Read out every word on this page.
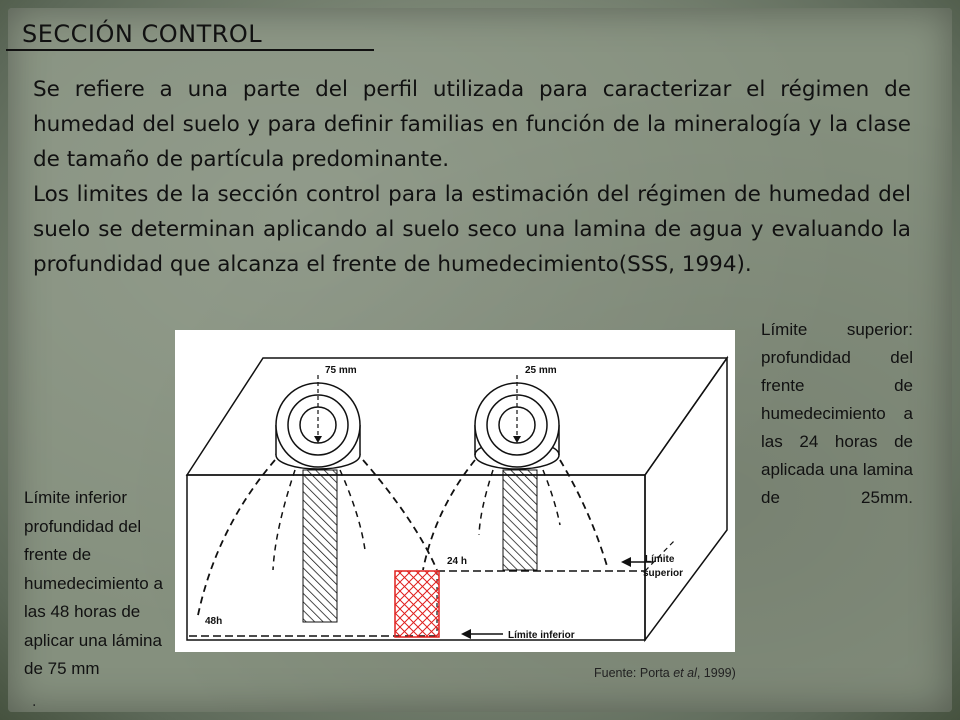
SECCIÓN CONTROL

Se refiere a una parte del perfil utilizada para caracterizar el régimen de humedad del suelo y para definir familias en función de la mineralogía y la clase de tamaño de partícula predominante.

Los limites de la sección control para la estimación del régimen de humedad del suelo se determinan aplicando al suelo seco una lamina de agua y evaluando la profundidad que alcanza el frente de humedecimiento(SSS, 1994).

75 mm	25 mm
24 h
48h
Límite
superior
Límite inferior
Límite superior: profundidad del frente de humedecimiento a las 24 horas de aplicada una lamina de 25mm.
Límite inferior profundidad del frente de humedecimiento a las 48 horas de aplicar una lámina de 75 mm
.
Fuente: Porta et al, 1999)
